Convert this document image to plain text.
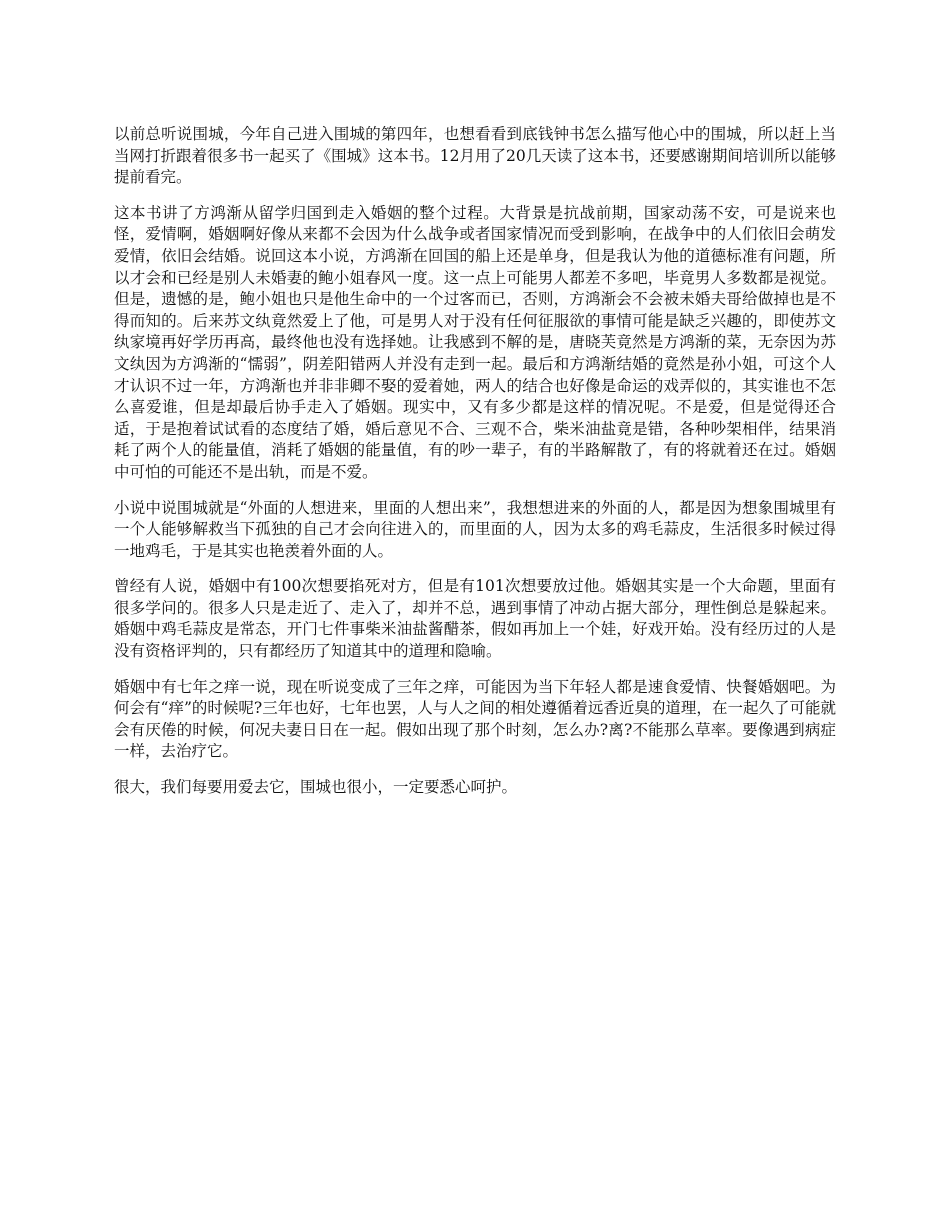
以前总听说围城，今年自己进入围城的第四年，也想看看到底钱钟书怎么描写他心中的围城，所以赶上当当网打折跟着很多书一起买了《围城》这本书。12月用了20几天读了这本书，还要感谢期间培训所以能够提前看完。

这本书讲了方鸿渐从留学归国到走入婚姻的整个过程。大背景是抗战前期，国家动荡不安，可是说来也怪，爱情啊，婚姻啊好像从来都不会因为什么战争或者国家情况而受到影响，在战争中的人们依旧会萌发爱情，依旧会结婚。说回这本小说，方鸿渐在回国的船上还是单身，但是我认为他的道德标准有问题，所以才会和已经是别人未婚妻的鲍小姐春风一度。这一点上可能男人都差不多吧，毕竟男人多数都是视觉。但是，遗憾的是，鲍小姐也只是他生命中的一个过客而已，否则，方鸿渐会不会被未婚夫哥给做掉也是不得而知的。后来苏文纨竟然爱上了他，可是男人对于没有任何征服欲的事情可能是缺乏兴趣的，即使苏文纨家境再好学历再高，最终他也没有选择她。让我感到不解的是，唐晓芙竟然是方鸿渐的菜，无奈因为苏文纨因为方鸿渐的“懦弱”，阴差阳错两人并没有走到一起。最后和方鸿渐结婚的竟然是孙小姐，可这个人才认识不过一年，方鸿渐也并非非卿不娶的爱着她，两人的结合也好像是命运的戏弄似的，其实谁也不怎么喜爱谁，但是却最后协手走入了婚姻。现实中，又有多少都是这样的情况呢。不是爱，但是觉得还合适，于是抱着试试看的态度结了婚，婚后意见不合、三观不合，柴米油盐竟是错，各种吵架相伴，结果消耗了两个人的能量值，消耗了婚姻的能量值，有的吵一辈子，有的半路解散了，有的将就着还在过。婚姻中可怕的可能还不是出轨，而是不爱。

小说中说围城就是“外面的人想进来，里面的人想出来”，我想想进来的外面的人，都是因为想象围城里有一个人能够解救当下孤独的自己才会向往进入的，而里面的人，因为太多的鸡毛蒜皮，生活很多时候过得一地鸡毛，于是其实也艳羡着外面的人。

曾经有人说，婚姻中有100次想要掐死对方，但是有101次想要放过他。婚姻其实是一个大命题，里面有很多学问的。很多人只是走近了、走入了，却并不总，遇到事情了冲动占据大部分，理性倒总是躲起来。婚姻中鸡毛蒜皮是常态，开门七件事柴米油盐酱醋茶，假如再加上一个娃，好戏开始。没有经历过的人是没有资格评判的，只有都经历了知道其中的道理和隐喻。

婚姻中有七年之痒一说，现在听说变成了三年之痒，可能因为当下年轻人都是速食爱情、快餐婚姻吧。为何会有“痒”的时候呢?三年也好，七年也罢，人与人之间的相处遵循着远香近臭的道理，在一起久了可能就会有厌倦的时候，何况夫妻日日在一起。假如出现了那个时刻，怎么办?离?不能那么草率。要像遇到病症一样，去治疗它。

很大，我们每要用爱去它，围城也很小，一定要悉心呵护。
